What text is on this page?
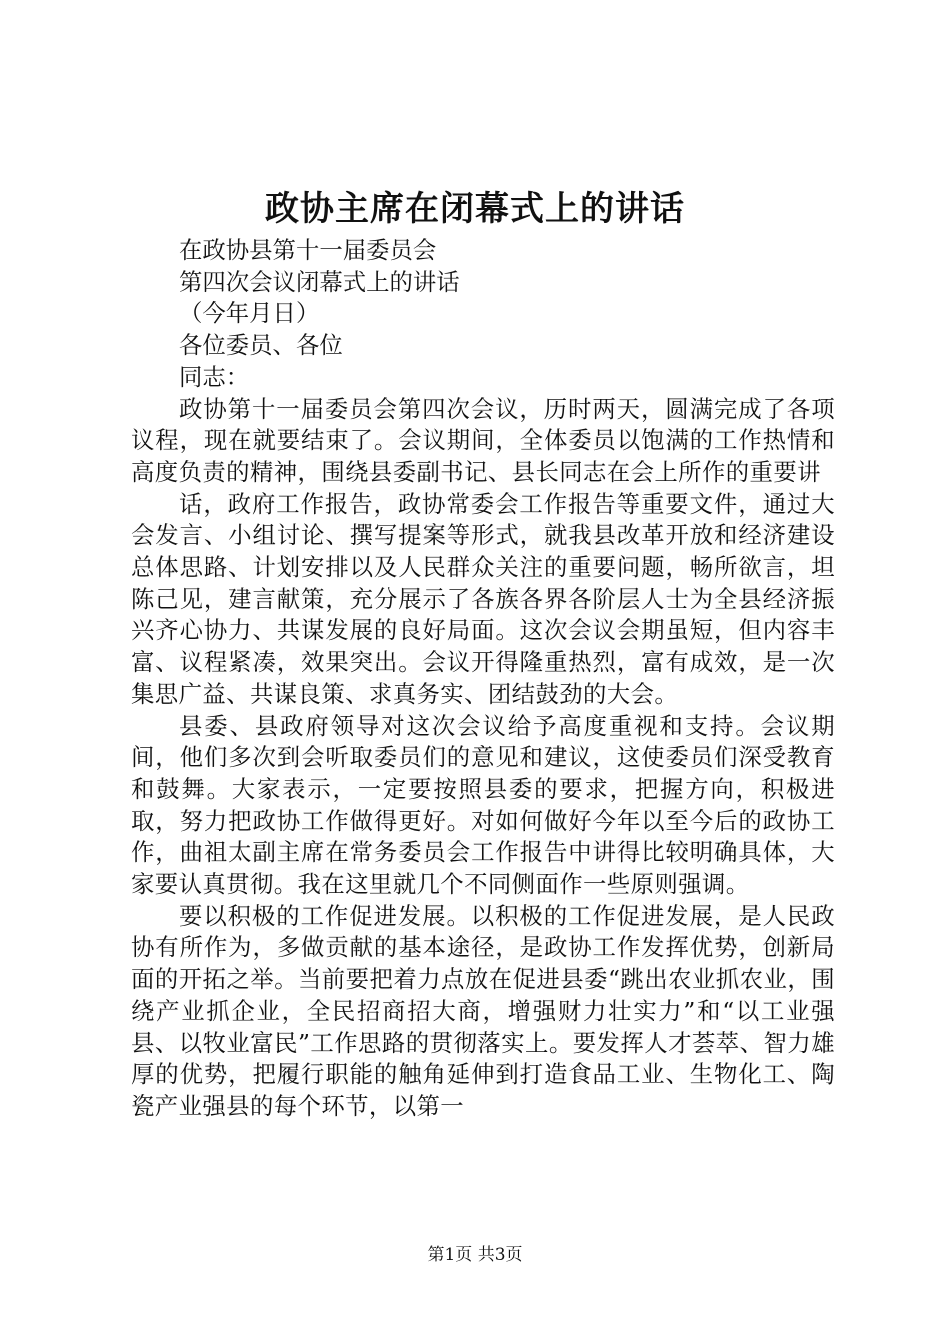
政协主席在闭幕式上的讲话

在政协县第十一届委员会

第四次会议闭幕式上的讲话

（今年月日）

各位委员、各位

同志：

政协第十一届委员会第四次会议，历时两天，圆满完成了各项议程，现在就要结束了。会议期间，全体委员以饱满的工作热情和高度负责的精神，围绕县委副书记、县长同志在会上所作的重要讲

话，政府工作报告，政协常委会工作报告等重要文件，通过大会发言、小组讨论、撰写提案等形式，就我县改革开放和经济建设总体思路、计划安排以及人民群众关注的重要问题，畅所欲言，坦陈己见，建言献策，充分展示了各族各界各阶层人士为全县经济振兴齐心协力、共谋发展的良好局面。这次会议会期虽短，但内容丰富、议程紧凑，效果突出。会议开得隆重热烈，富有成效，是一次集思广益、共谋良策、求真务实、团结鼓劲的大会。

县委、县政府领导对这次会议给予高度重视和支持。会议期间，他们多次到会听取委员们的意见和建议，这使委员们深受教育和鼓舞。大家表示，一定要按照县委的要求，把握方向，积极进取，努力把政协工作做得更好。对如何做好今年以至今后的政协工作，曲祖太副主席在常务委员会工作报告中讲得比较明确具体，大家要认真贯彻。我在这里就几个不同侧面作一些原则强调。

要以积极的工作促进发展。以积极的工作促进发展，是人民政协有所作为，多做贡献的基本途径，是政协工作发挥优势，创新局面的开拓之举。当前要把着力点放在促进县委“跳出农业抓农业，围绕产业抓企业，全民招商招大商，增强财力壮实力”和“以工业强县、以牧业富民”工作思路的贯彻落实上。要发挥人才荟萃、智力雄厚的优势，把履行职能的触角延伸到打造食品工业、生物化工、陶瓷产业强县的每个环节，以第一

第1页 共3页
